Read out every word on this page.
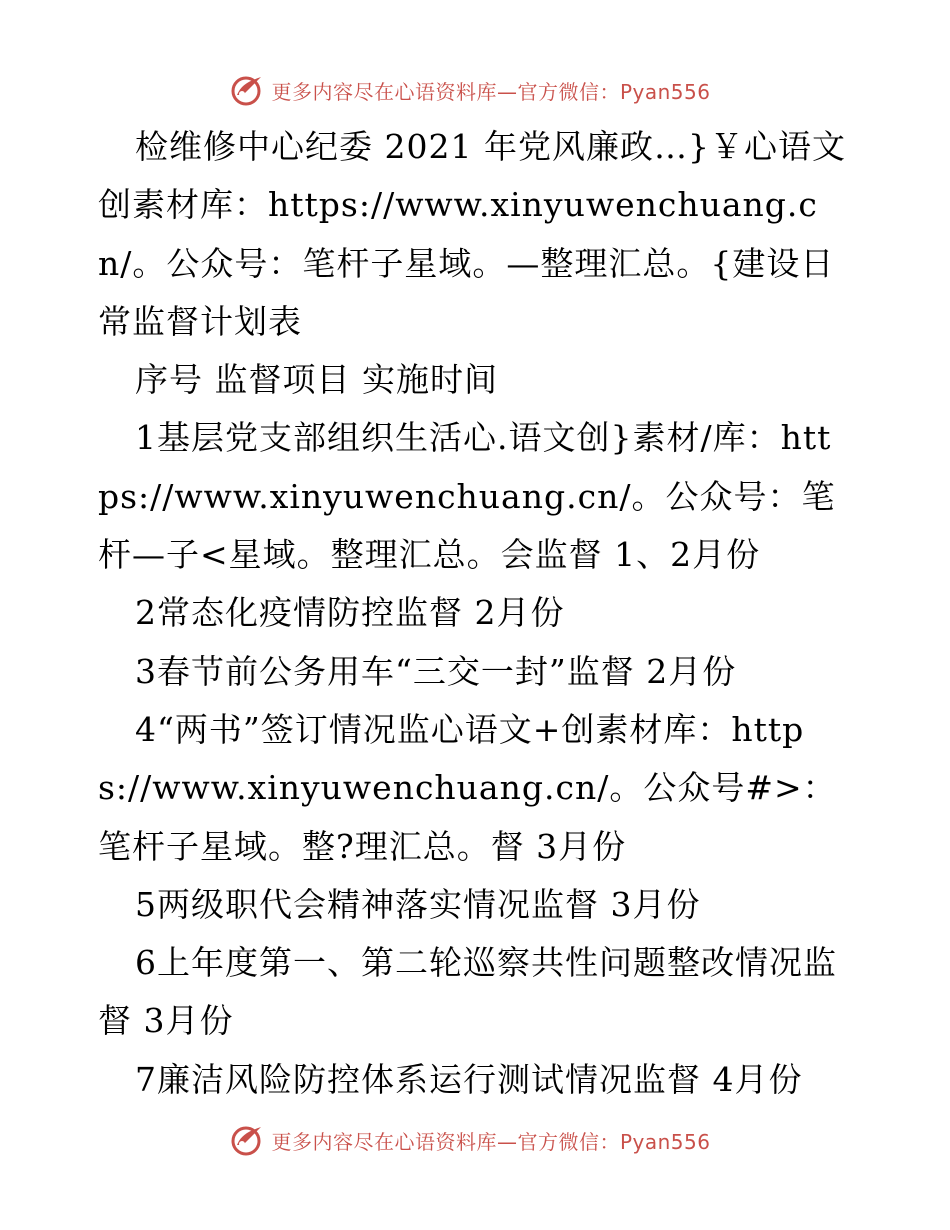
更多内容尽在心语资料库—官方微信：Pyan556

检维修中心纪委 2021 年党风廉政…}￥心语文创素材库：https://www.xinyuwenchuang.cn/。公众号：笔杆子星域。—整理汇总。{建设日常监督计划表

序号 监督项目 实施时间

1基层党支部组织生活心.语文创}素材/库：https://www.xinyuwenchuang.cn/。公众号：笔杆—子<星域。整理汇总。会监督 1、2月份

2常态化疫情防控监督 2月份

3春节前公务用车“三交一封”监督 2月份

4“两书”签订情况监心语文+创素材库：https://www.xinyuwenchuang.cn/。公众号#>：笔杆子星域。整?理汇总。督 3月份

5两级职代会精神落实情况监督 3月份

6上年度第一、第二轮巡察共性问题整改情况监督 3月份

7廉洁风险防控体系运行测试情况监督 4月份

更多内容尽在心语资料库—官方微信：Pyan556
